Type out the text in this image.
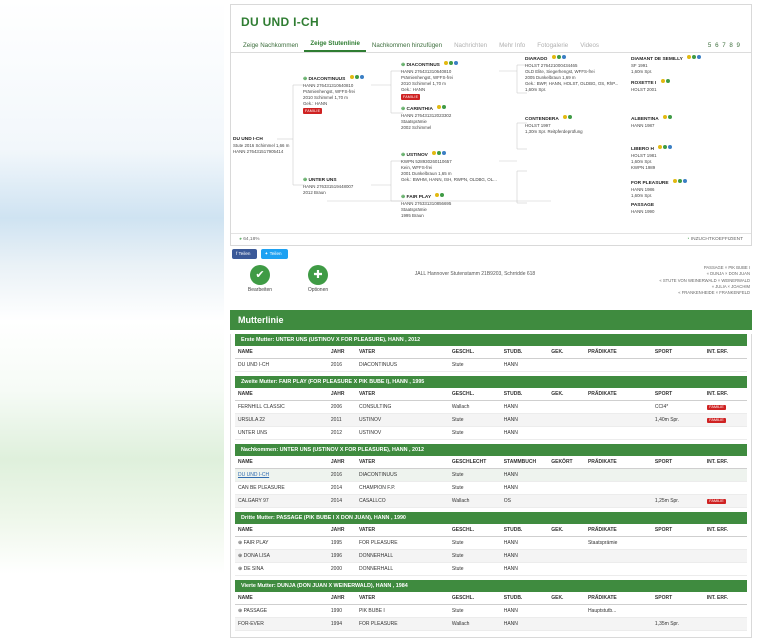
DU UND I-CH
Zeige Nachkommen	Zeige Stutenlinie	Nachkommen hinzufügen	Nachrichten	Mehr Info	Fotogalerie	Videos	5 6 7 8 9
DU UND I-CH
Stute 2016 Schimmel 1,66 m
HANN 276431517905414
⊕ DIACONTINUUS
HANN 276431310640810
Prämienhengst, WFFS-frei
2010 Schimmel 1,70 m
Gek.: HANN
FAMILIE
⊕ UNTER UNS
HANN 276331519448007
2012 Braun
⊕ DIACONTINUS
HANN 276431310640810
Prämienhengst, WFFS-frei
2010 Schimmel 1,70 m
Gek.: HANN
FAMILIE
⊕ CARINTHIA
HANN 276431312023302
Staatsprämie
2002 Schimmel
⊕ USTINOV
KWPN 528930260110657
Kein, WFFS-frei
2001 Dunkelbraun 1,65 m
Gek.: BWHM, HANN, ISH, RWPN, OLDBG, OL...
⊕ FAIR PLAY
HANN 276331310856695
Staatsprämie
1995 Braun
DIARADO
HOLST 276421000434465
OLD Elite, Siegerhengst, WFFS-frei
2005 Dunkelbraun 1,69 m
Gek.: BWP, HANN, HOLST, OLDBG, OS, RhP...
1,60m Spr.
CONTENDERA
HOLST 1997
1,30m Spr. Reitpferdeprüfung
PASSAGE
HANN 1990
DIAMANT DE SEMILLY
SF 1991
1,60m Spr.
ROXETTE I
HOLST 2001
ALBENTINA
HANN 1987
LIBERO H
HOLST 1981
1,60m Spr.
KWPN 1989
FOR PLEASURE
HANN 1986
1,60m Spr.
◕ 64,18%	◔ INZUCHTKOEFFIZIENT
f Teilen	✦ Teilen
✔
Bearbeiten
✚
Optionen
JALL Hannover Stutenstamm 21B9203, Schrridde 618
PASSAGE × PIK BUBE I
« DUNJA × DON JUAN
« STUTE VON WEINERWALD × WEINERWALD
« JULIA × JOACHIM
« FRANKENHEIDE × FRANKENFELD
Mutterlinie
Erste Mutter: UNTER UNS (USTINOV X FOR PLEASURE), HANN , 2012
NAME	JAHR	VATER	GESCHL.	STUDB.	GEK.	PRÄDIKATE	SPORT	INT. ERF.
DU UND I-CH	2016	DIACONTINUUS	Stute	HANN				
Zweite Mutter: FAIR PLAY (FOR PLEASURE X PIK BUBE I), HANN , 1995
NAME	JAHR	VATER	GESCHL.	STUDB.	GEK.	PRÄDIKATE	SPORT	INT. ERF.
FERNHILL CLASSIC	2006	CONSULTING	Wallach	HANN			CCI4*	FAMILIE
URSULA 22	2011	USTINOV	Stute	HANN			1,40m Spr.	FAMILIE
UNTER UNS	2012	USTINOV	Stute	HANN				
Nachkommen: UNTER UNS (USTINOV X FOR PLEASURE), HANN , 2012
NAME	JAHR	VATER	GESCHLECHT	STAMMBUCH	GEKÖRT	PRÄDIKATE	SPORT	INT. ERF.
DU UND I-CH	2016	DIACONTINUUS	Stute	HANN				
CAN BE PLEASURE	2014	CHAMPION F.P.	Stute	HANN				
CALGARY 97	2014	CASALLCO	Wallach	OS			1,25m Spr.	FAMILIE
Dritte Mutter: PASSAGE (PIK BUBE I X DON JUAN), HANN , 1990
NAME	JAHR	VATER	GESCHL.	STUDB.	GEK.	PRÄDIKATE	SPORT	INT. ERF.
⊕ FAIR PLAY	1995	FOR PLEASURE	Stute	HANN		Staatsprämie		
⊕ DONA LISA	1996	DONNERHALL	Stute	HANN				
⊕ DE SINA	2000	DONNERHALL	Stute	HANN				
Vierte Mutter: DUNJA (DON JUAN X WEINERWALD), HANN , 1984
NAME	JAHR	VATER	GESCHL.	STUDB.	GEK.	PRÄDIKATE	SPORT	INT. ERF.
⊕ PASSAGE	1990	PIK BUBE I	Stute	HANN		Hauptstutb...		
FOR-EVER	1994	FOR PLEASURE	Wallach	HANN			1,35m Spr.	
